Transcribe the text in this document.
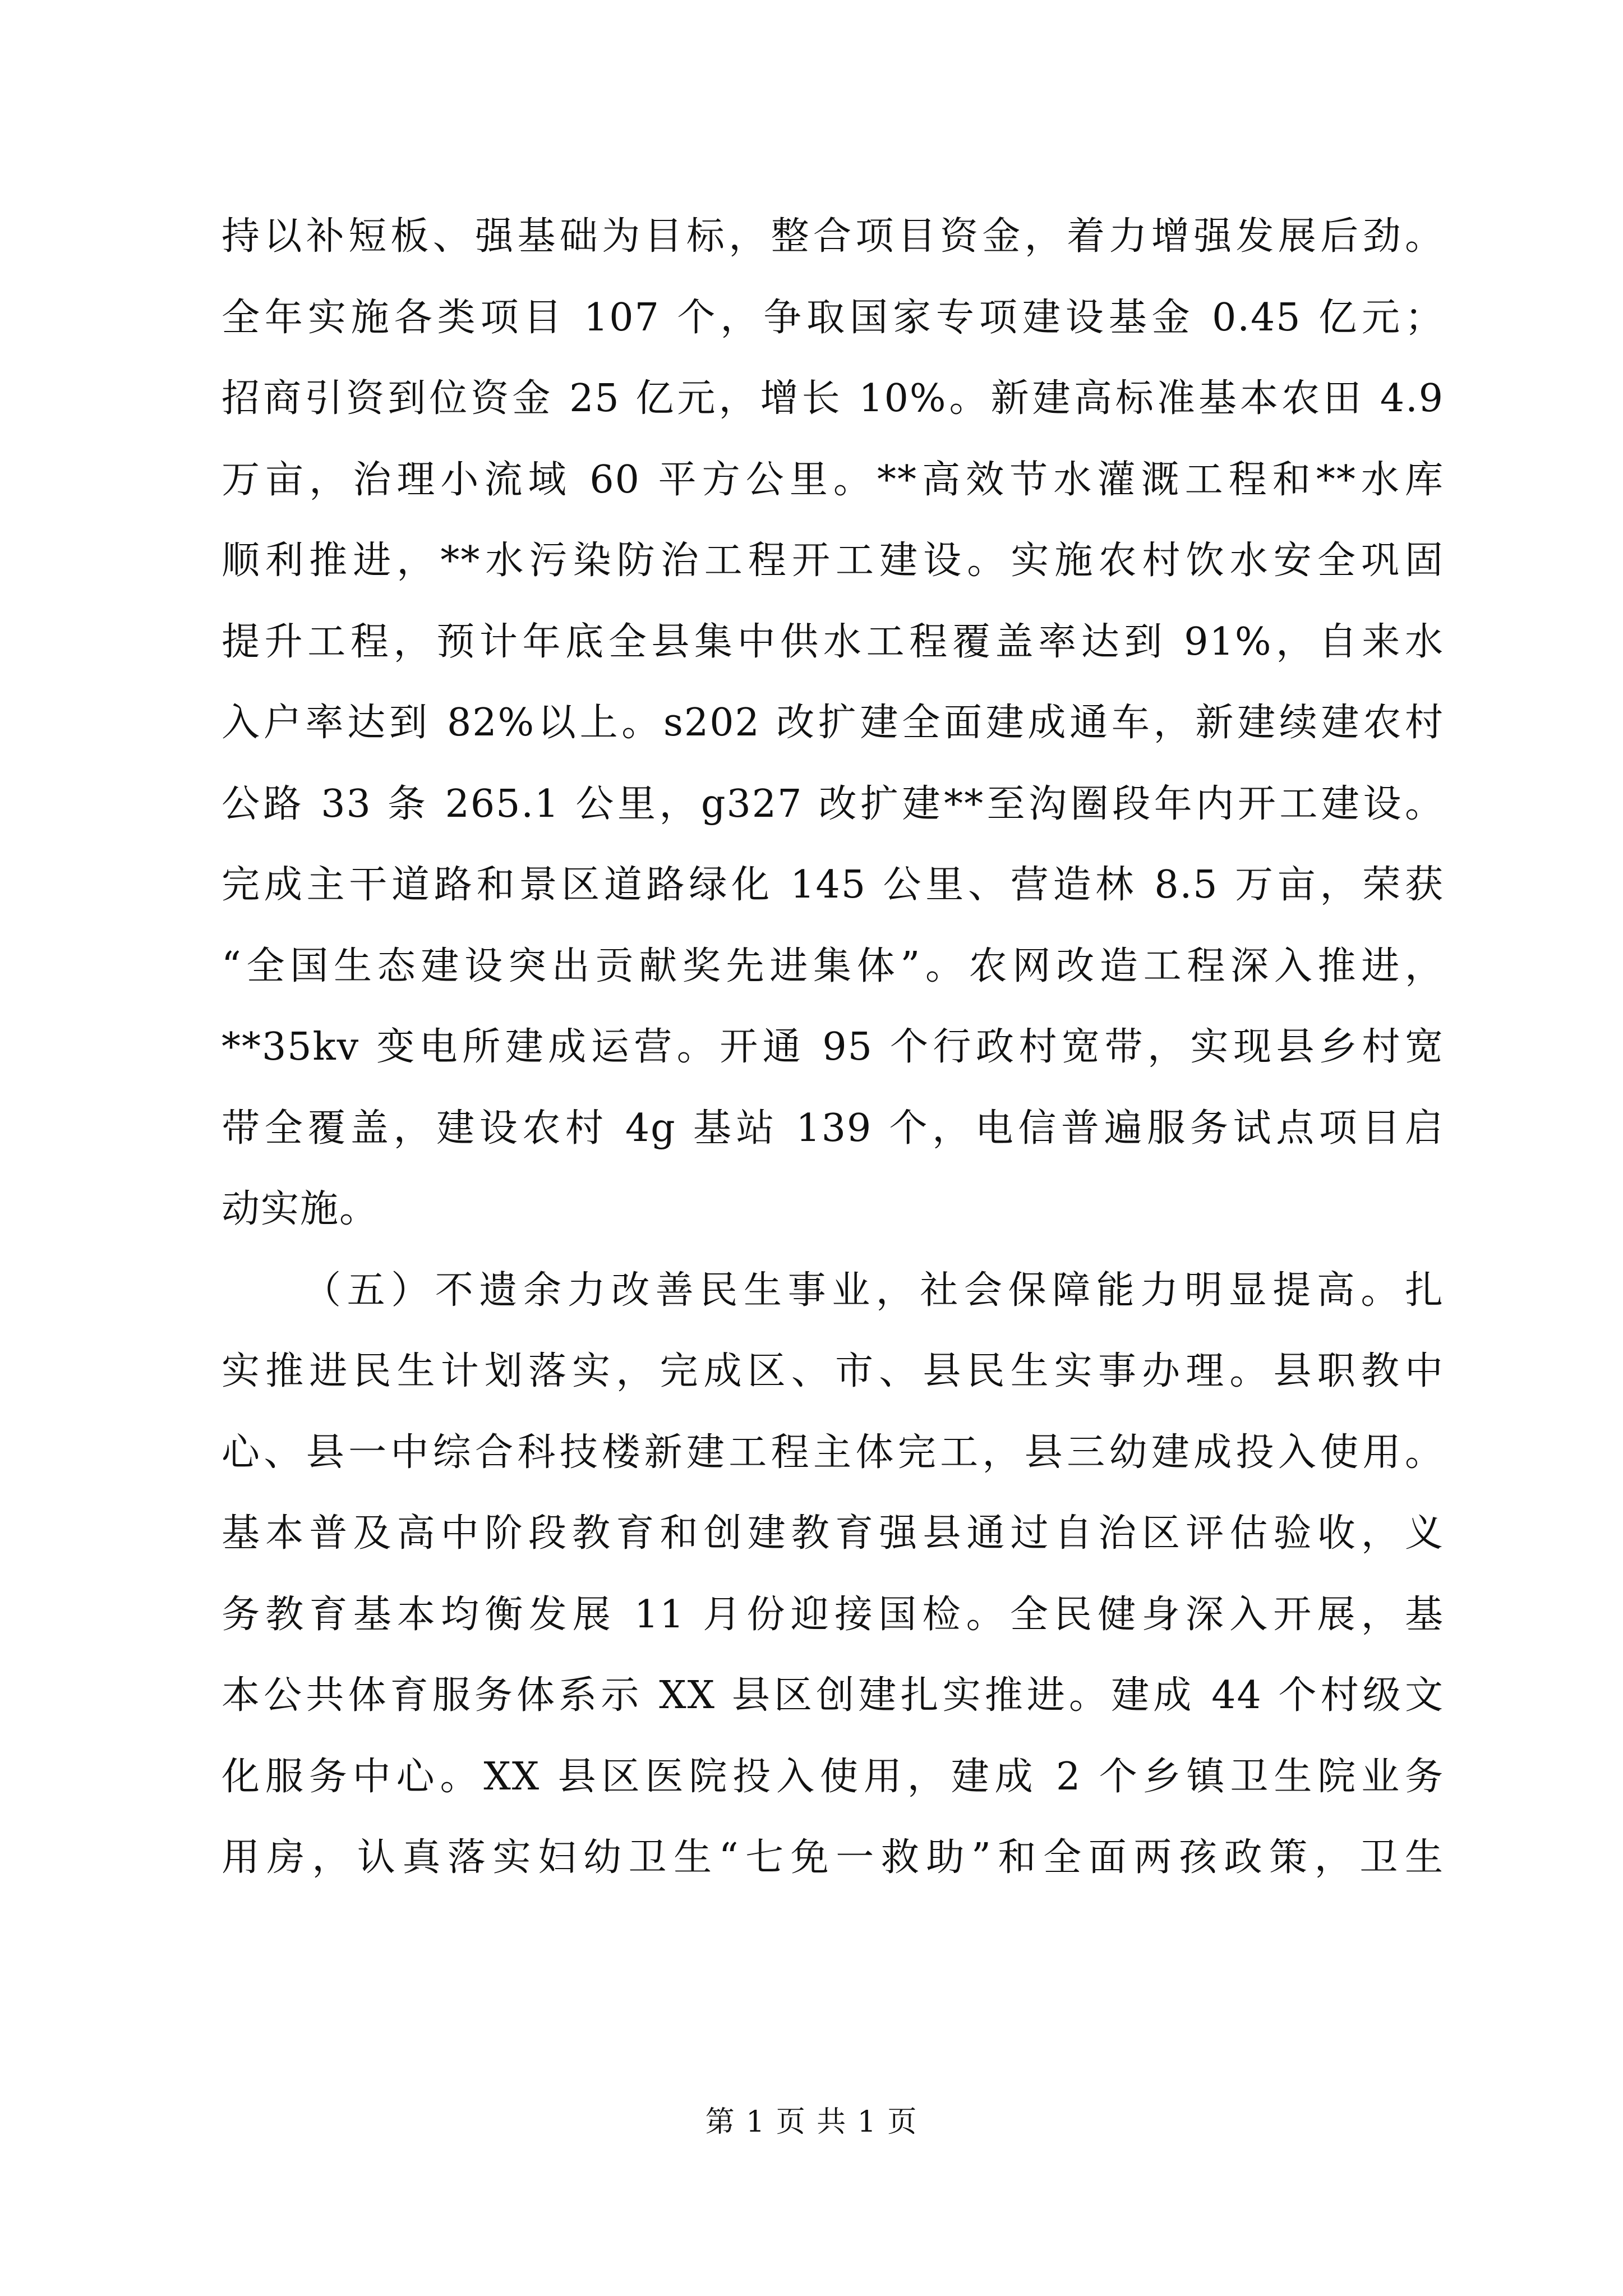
持以补短板、强基础为目标，整合项目资金，着力增强发展后劲。
全年实施各类项目 107 个，争取国家专项建设基金 0.45 亿元；
招商引资到位资金 25 亿元，增长 10%。新建高标准基本农田 4.9
万亩，治理小流域 60 平方公里。**高效节水灌溉工程和**水库
顺利推进，**水污染防治工程开工建设。实施农村饮水安全巩固
提升工程，预计年底全县集中供水工程覆盖率达到 91%，自来水
入户率达到 82%以上。s202 改扩建全面建成通车，新建续建农村
公路 33 条 265.1 公里，g327 改扩建**至沟圈段年内开工建设。
完成主干道路和景区道路绿化 145 公里、营造林 8.5 万亩，荣获
“全国生态建设突出贡献奖先进集体”。农网改造工程深入推进，
**35kv 变电所建成运营。开通 95 个行政村宽带，实现县乡村宽
带全覆盖，建设农村 4g 基站 139 个，电信普遍服务试点项目启
动实施。
（五）不遗余力改善民生事业，社会保障能力明显提高。扎
实推进民生计划落实，完成区、市、县民生实事办理。县职教中
心、县一中综合科技楼新建工程主体完工，县三幼建成投入使用。
基本普及高中阶段教育和创建教育强县通过自治区评估验收，义
务教育基本均衡发展 11 月份迎接国检。全民健身深入开展，基
本公共体育服务体系示 XX 县区创建扎实推进。建成 44 个村级文
化服务中心。XX 县区医院投入使用，建成 2 个乡镇卫生院业务
用房，认真落实妇幼卫生“七免一救助”和全面两孩政策，卫生
第 1 页 共 1 页
